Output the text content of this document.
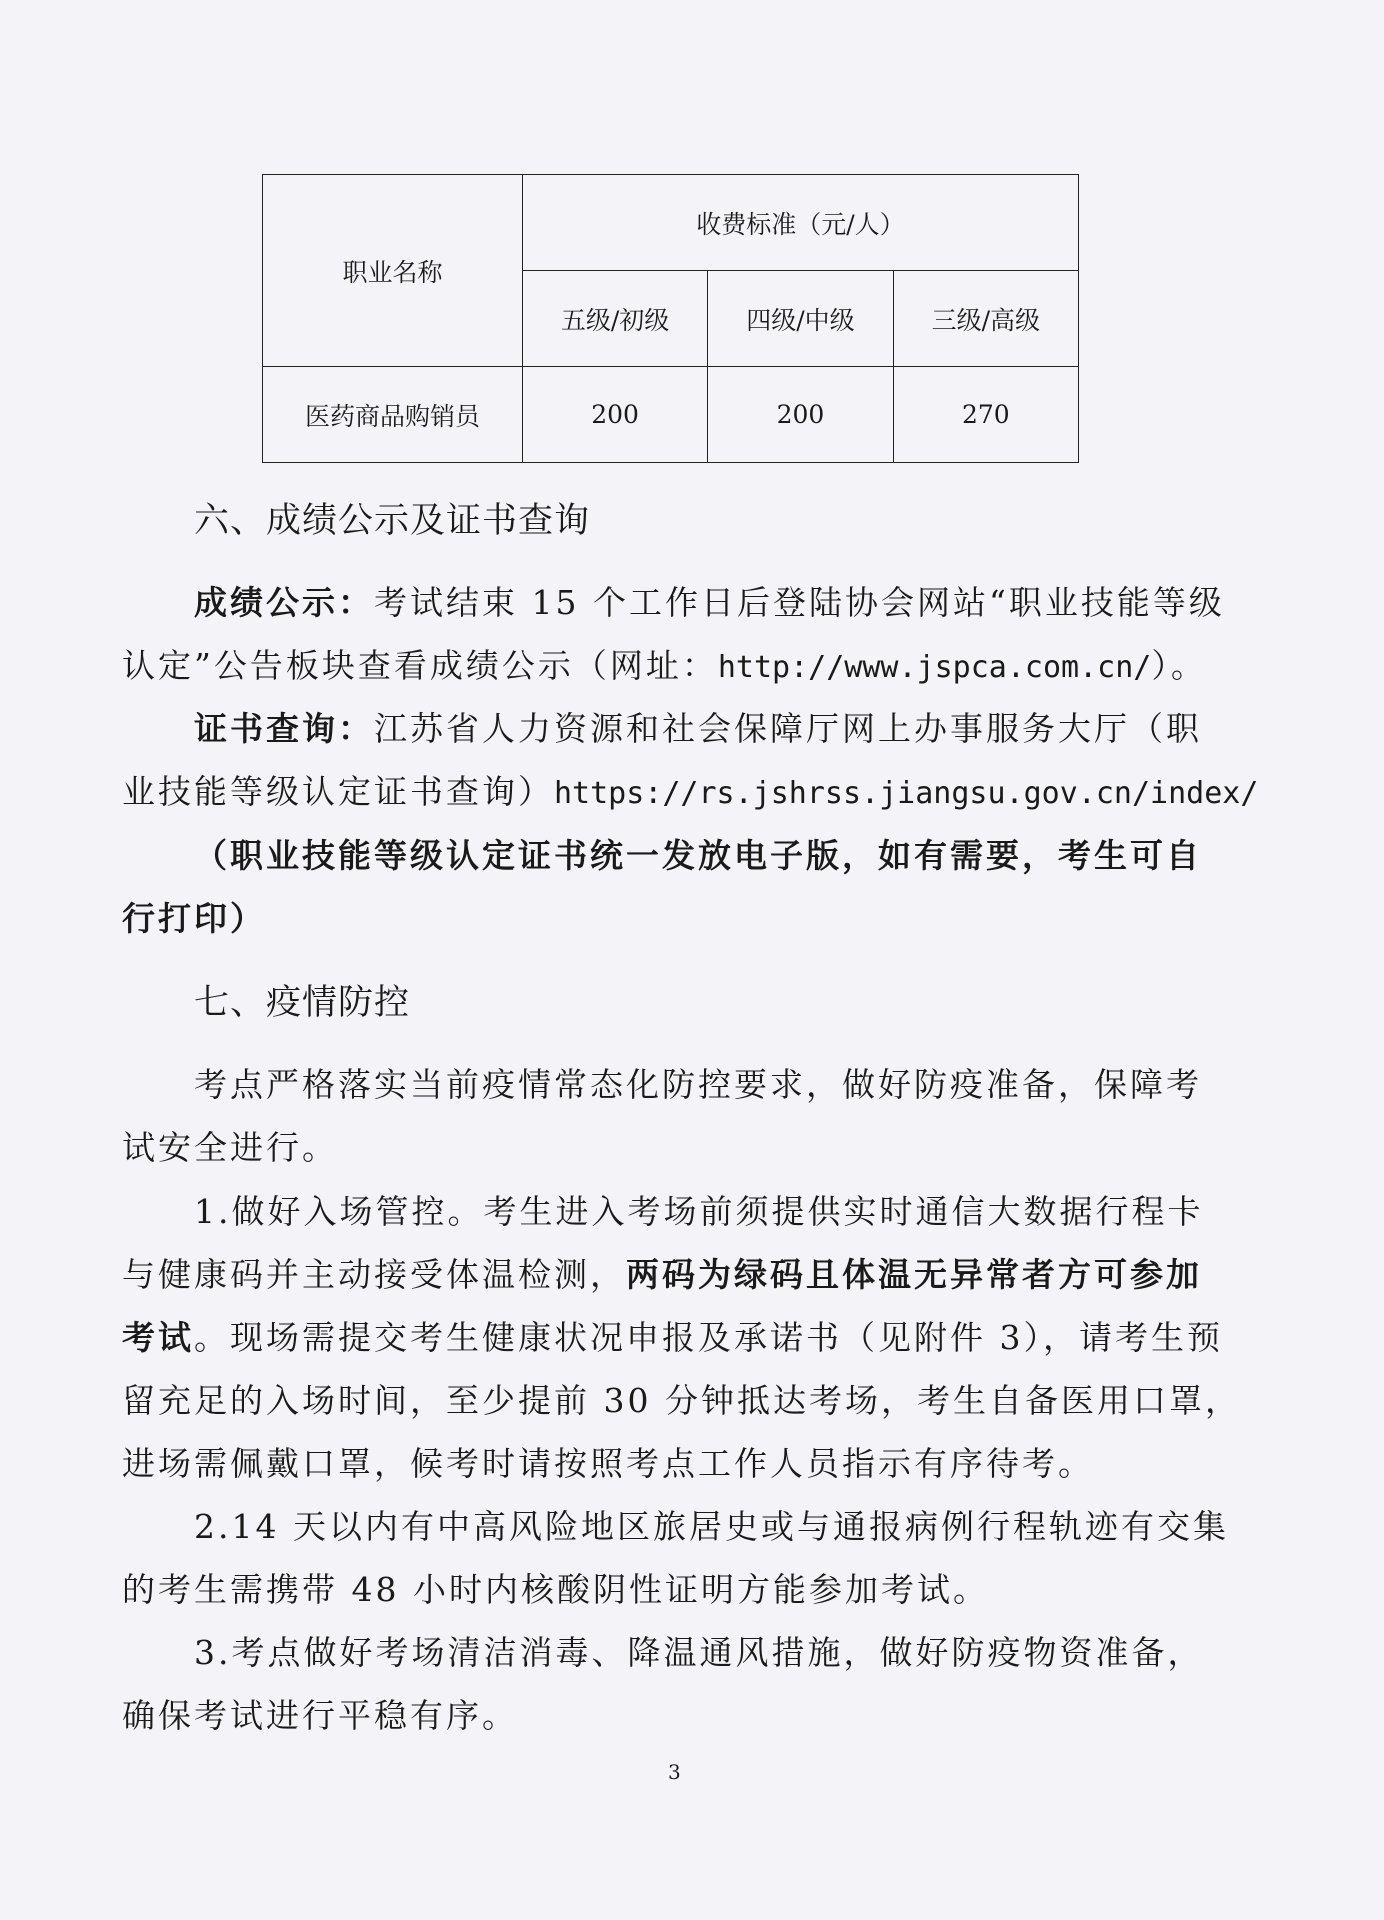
职业名称	收费标准（元/人）		
	五级/初级	四级/中级	三级/高级
医药商品购销员	200	200	270
六、成绩公示及证书查询
成绩公示：考试结束 15 个工作日后登陆协会网站“职业技能等级
认定”公告板块查看成绩公示（网址：http://www.jspca.com.cn/）。
证书查询：江苏省人力资源和社会保障厅网上办事服务大厅（职
业技能等级认定证书查询）https://rs.jshrss.jiangsu.gov.cn/index/
（职业技能等级认定证书统一发放电子版，如有需要，考生可自
行打印）
七、疫情防控
考点严格落实当前疫情常态化防控要求，做好防疫准备，保障考
试安全进行。
1.做好入场管控。考生进入考场前须提供实时通信大数据行程卡
与健康码并主动接受体温检测，两码为绿码且体温无异常者方可参加
考试。现场需提交考生健康状况申报及承诺书（见附件 3），请考生预
留充足的入场时间，至少提前 30 分钟抵达考场，考生自备医用口罩，
进场需佩戴口罩，候考时请按照考点工作人员指示有序待考。
2.14 天以内有中高风险地区旅居史或与通报病例行程轨迹有交集
的考生需携带 48 小时内核酸阴性证明方能参加考试。
3.考点做好考场清洁消毒、降温通风措施，做好防疫物资准备，
确保考试进行平稳有序。
3
